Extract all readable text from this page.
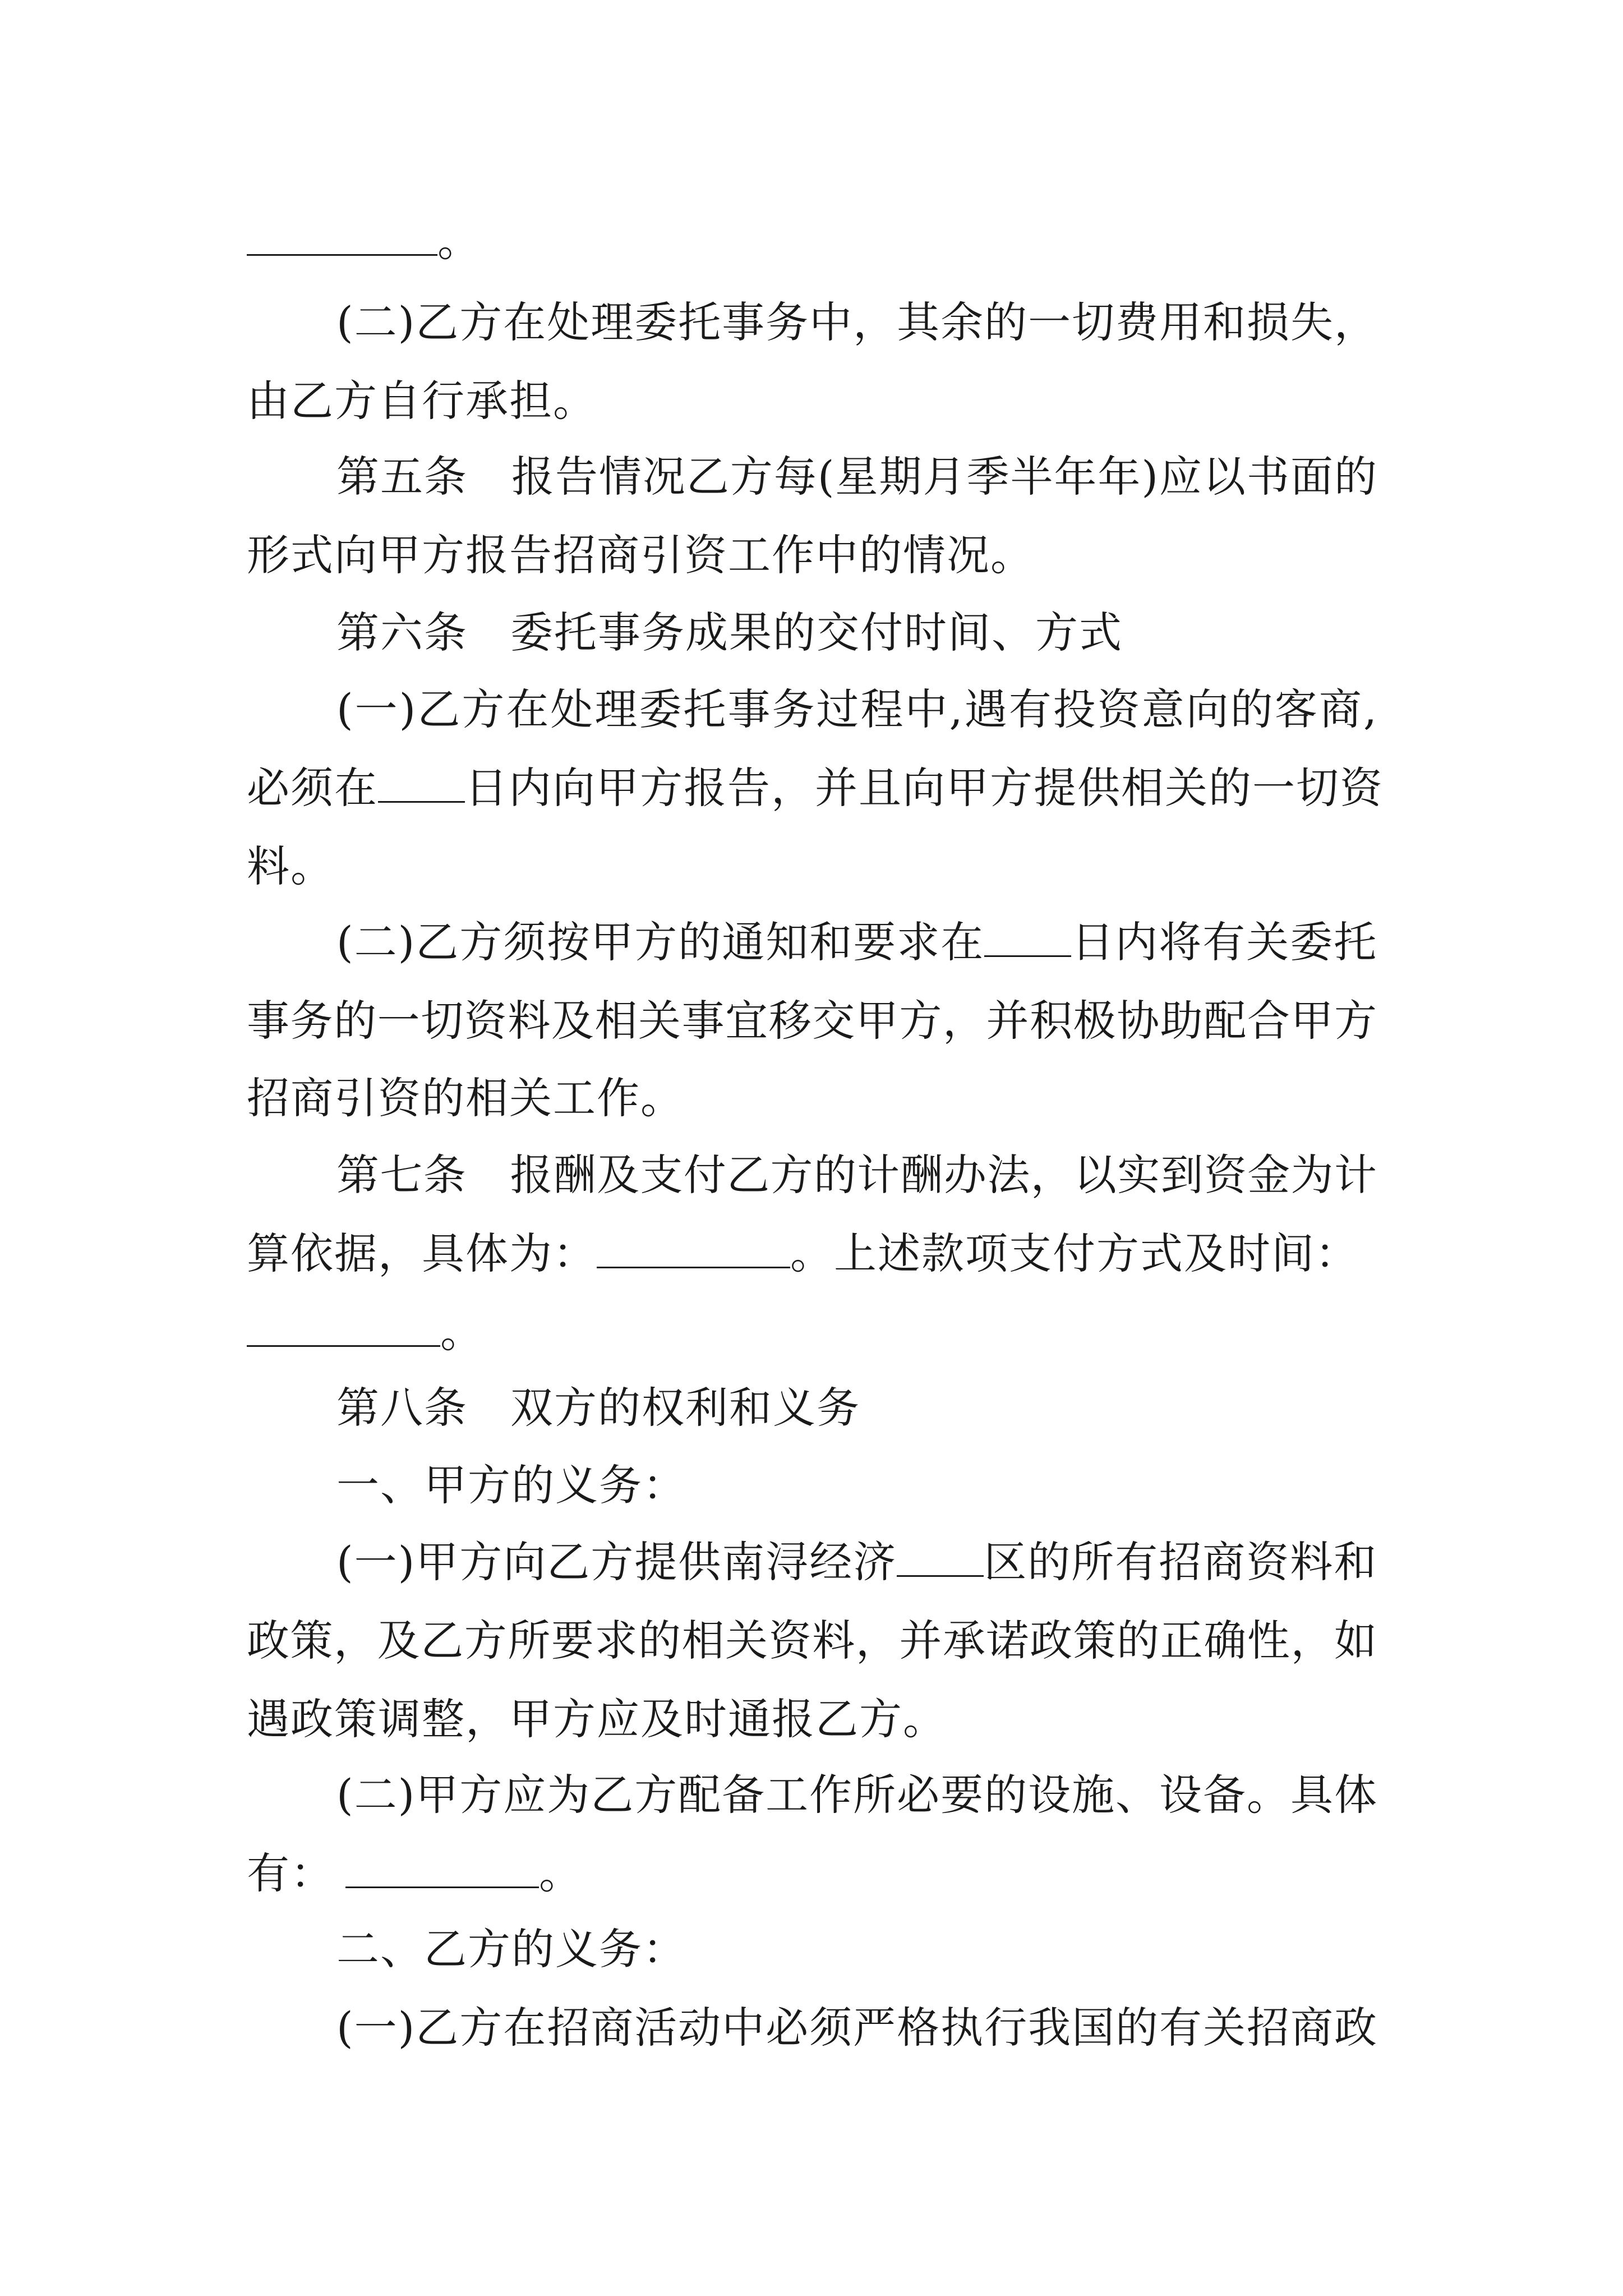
。
(二)乙方在处理委托事务中，其余的一切费用和损失，
由乙方自行承担。
第五条 报告情况乙方每(星期月季半年年)应以书面的
形式向甲方报告招商引资工作中的情况。
第六条 委托事务成果的交付时间、方式
(一)乙方在处理委托事务过程中,遇有投资意向的客商,
必须在 日内向甲方报告，并且向甲方提供相关的一切资
料。
(二)乙方须按甲方的通知和要求在 日内将有关委托
事务的一切资料及相关事宜移交甲方，并积极协助配合甲方
招商引资的相关工作。
第七条 报酬及支付乙方的计酬办法，以实到资金为计
算依据，具体为：	。上述款项支付方式及时间：
。
第八条 双方的权利和义务
一、甲方的义务：
(一)甲方向乙方提供南浔经济 区的所有招商资料和
政策，及乙方所要求的相关资料，并承诺政策的正确性，如
遇政策调整，甲方应及时通报乙方。
(二)甲方应为乙方配备工作所必要的设施、设备。具体
有：	。
二、乙方的义务：
(一)乙方在招商活动中必须严格执行我国的有关招商政
